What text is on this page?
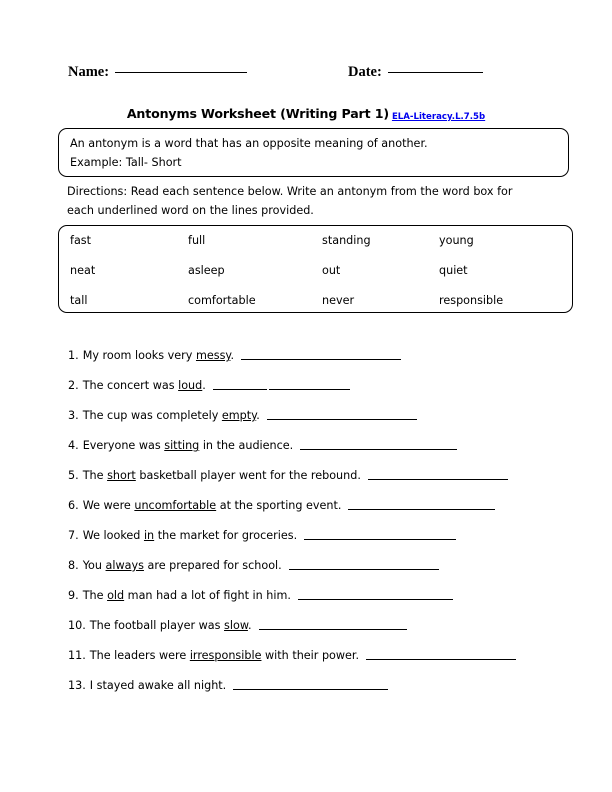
Name:	Date:
Antonyms Worksheet (Writing Part 1) ELA-Literacy.L.7.5b
An antonym is a word that has an opposite meaning of another.
Example: Tall- Short
Directions: Read each sentence below. Write an antonym from the word box for
each underlined word on the lines provided.
fast	full	standing	young
neat	asleep	out	quiet
tall	comfortable	never	responsible
1. My room looks very messy.
2. The concert was loud.
3. The cup was completely empty.
4. Everyone was sitting in the audience.
5. The short basketball player went for the rebound.
6. We were uncomfortable at the sporting event.
7. We looked in the market for groceries.
8. You always are prepared for school.
9. The old man had a lot of fight in him.
10. The football player was slow.
11. The leaders were irresponsible with their power.
13. I stayed awake all night.
